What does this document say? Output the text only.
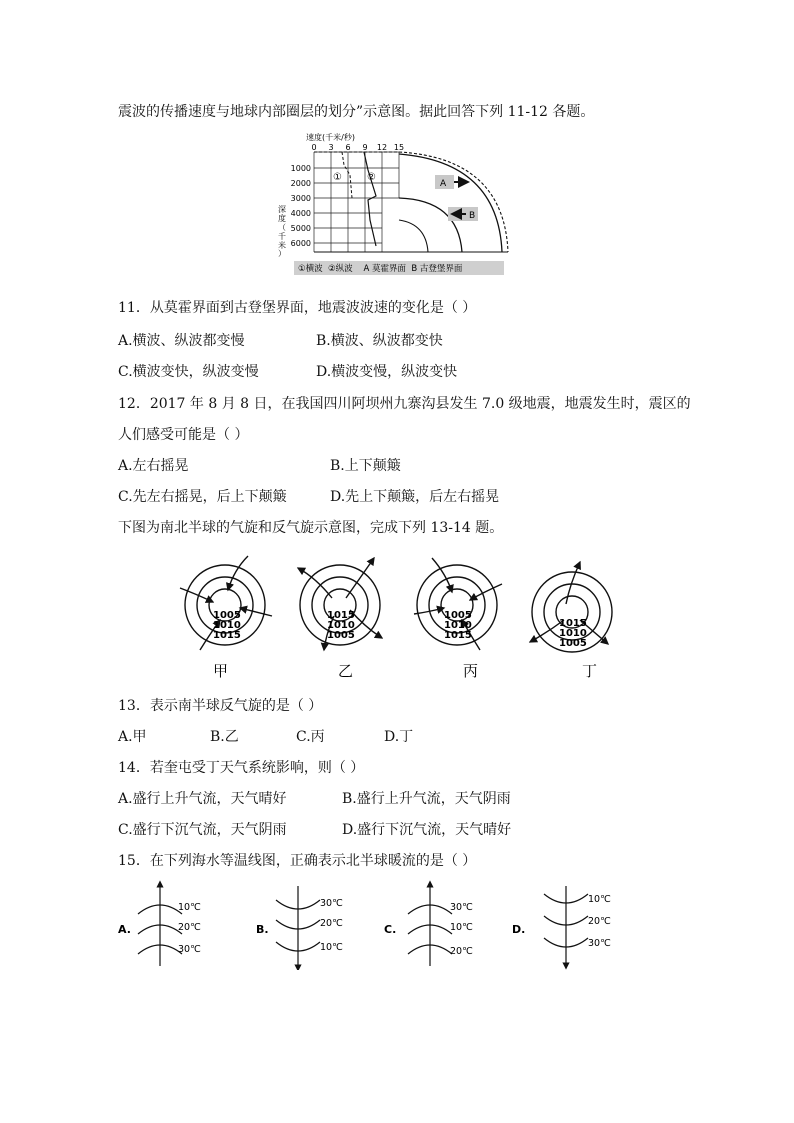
震波的传播速度与地球内部圈层的划分”示意图。据此回答下列 11-12 各题。
速度(千米/秒)
0 3 6 9 12 15
1000
2000
3000
4000
5000
6000
深
度
（
千
米
）
①	②
A
B
①横波  ②纵波    A 莫霍界面  B 古登堡界面
11．从莫霍界面到古登堡界面，地震波波速的变化是（ ）
A.横波、纵波都变慢	B.横波、纵波都变快
C.横波变快，纵波变慢	D.横波变慢，纵波变快
12．2017 年 8 月 8 日，在我国四川阿坝州九寨沟县发生 7.0 级地震，地震发生时，震区的
人们感受可能是（ ）
A.左右摇晃	B.上下颠簸
C.先左右摇晃，后上下颠簸	D.先上下颠簸，后左右摇晃
下图为南北半球的气旋和反气旋示意图，完成下列 13-14 题。
1005
1010
1015
甲
1015
1010
1005
乙
1005
1010
1015
丙
1015
1010
1005
丁
13．表示南半球反气旋的是（ ）
A.甲	B.乙	C.丙	D.丁
14．若奎屯受丁天气系统影响，则（ ）
A.盛行上升气流，天气晴好	B.盛行上升气流，天气阴雨
C.盛行下沉气流，天气阴雨	D.盛行下沉气流，天气晴好
15．在下列海水等温线图，正确表示北半球暖流的是（ ）
A.	B.	C.	D.
10℃
20℃
30℃
30℃
20℃
10℃
30℃
10℃
20℃
10℃
20℃
30℃
